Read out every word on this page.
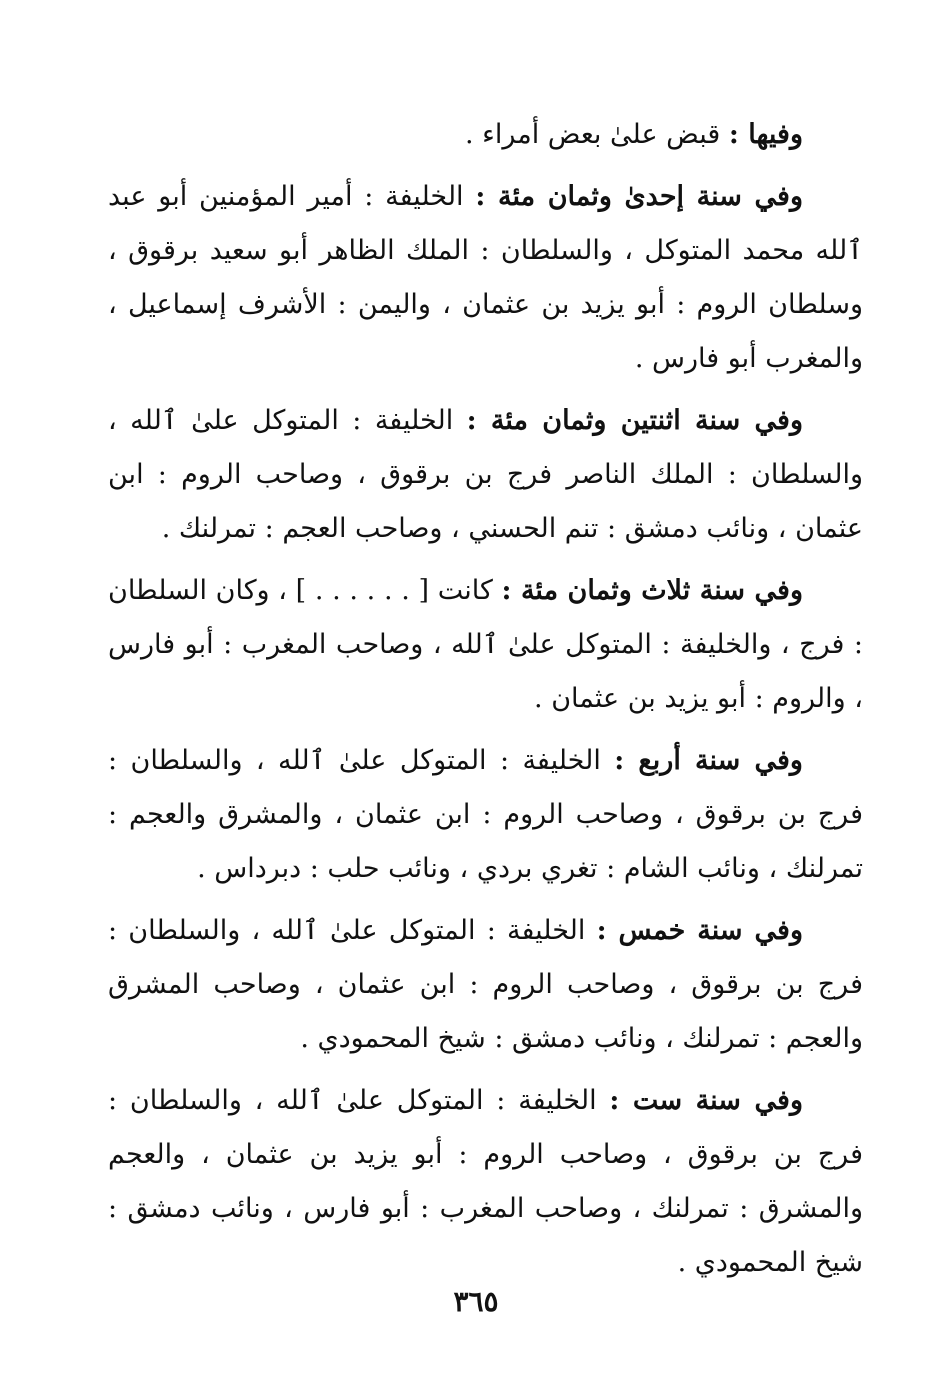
وفيها : قبض علىٰ بعض أمراء .

وفي سنة إحدىٰ وثمان مئة : الخليفة : أمير المؤمنين أبو عبد ٱلله محمد المتوكل ، والسلطان : الملك الظاهر أبو سعيد برقوق ، وسلطان الروم : أبو يزيد بن عثمان ، واليمن : الأشرف إسماعيل ، والمغرب أبو فارس .

وفي سنة اثنتين وثمان مئة : الخليفة : المتوكل علىٰ ٱلله ، والسلطان : الملك الناصر فرج بن برقوق ، وصاحب الروم : ابن عثمان ، ونائب دمشق : تنم الحسني ، وصاحب العجم : تمرلنك .

وفي سنة ثلاث وثمان مئة : كانت [ . . . . . . ] ، وكان السلطان : فرج ، والخليفة : المتوكل علىٰ ٱلله ، وصاحب المغرب : أبو فارس ، والروم : أبو يزيد بن عثمان .

وفي سنة أربع : الخليفة : المتوكل علىٰ ٱلله ، والسلطان : فرج بن برقوق ، وصاحب الروم : ابن عثمان ، والمشرق والعجم : تمرلنك ، ونائب الشام : تغري بردي ، ونائب حلب : دبرداس .

وفي سنة خمس : الخليفة : المتوكل علىٰ ٱلله ، والسلطان : فرج بن برقوق ، وصاحب الروم : ابن عثمان ، وصاحب المشرق والعجم : تمرلنك ، ونائب دمشق : شيخ المحمودي .

وفي سنة ست : الخليفة : المتوكل علىٰ ٱلله ، والسلطان : فرج بن برقوق ، وصاحب الروم : أبو يزيد بن عثمان ، والعجم والمشرق : تمرلنك ، وصاحب المغرب : أبو فارس ، ونائب دمشق : شيخ المحمودي .

٣٦٥
